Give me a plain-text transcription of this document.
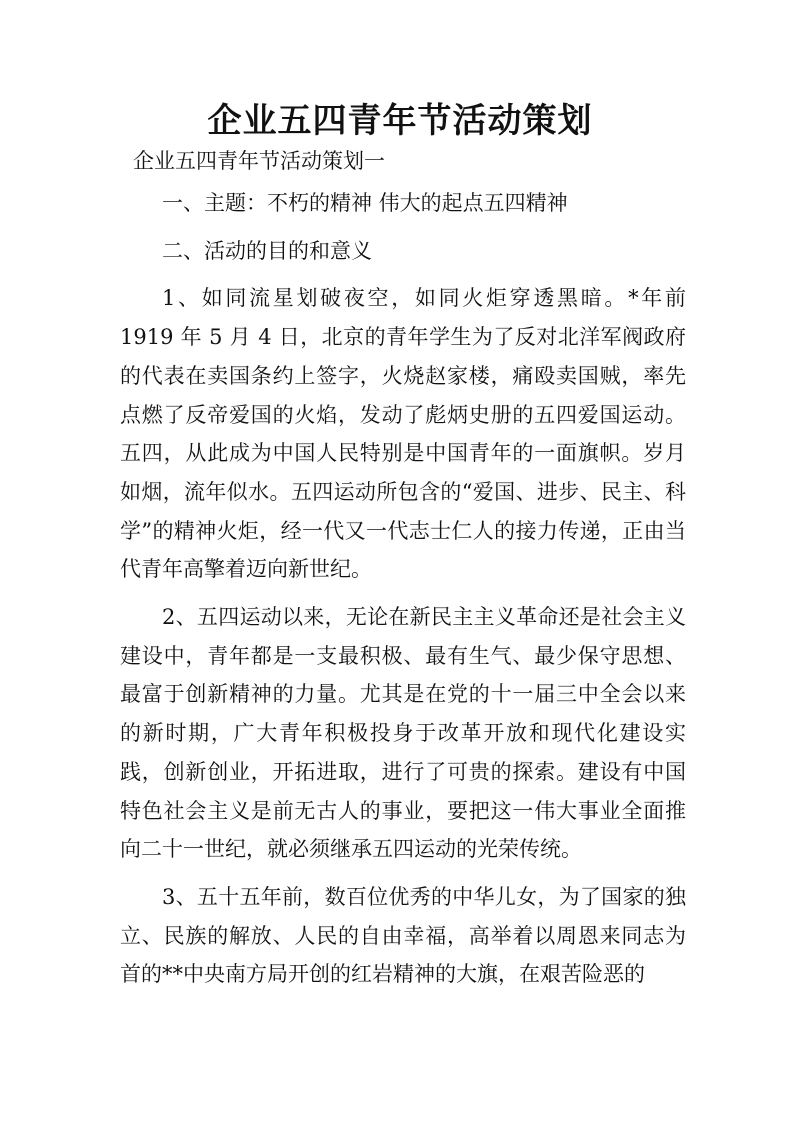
企业五四青年节活动策划

企业五四青年节活动策划一

一、主题：不朽的精神 伟大的起点五四精神

二、活动的目的和意义

1、如同流星划破夜空，如同火炬穿透黑暗。*年前 1919 年 5 月 4 日，北京的青年学生为了反对北洋军阀政府的代表在卖国条约上签字，火烧赵家楼，痛殴卖国贼，率先点燃了反帝爱国的火焰，发动了彪炳史册的五四爱国运动。五四，从此成为中国人民特别是中国青年的一面旗帜。岁月如烟，流年似水。五四运动所包含的“爱国、进步、民主、科学”的精神火炬，经一代又一代志士仁人的接力传递，正由当代青年高擎着迈向新世纪。

2、五四运动以来，无论在新民主主义革命还是社会主义建设中，青年都是一支最积极、最有生气、最少保守思想、最富于创新精神的力量。尤其是在党的十一届三中全会以来的新时期，广大青年积极投身于改革开放和现代化建设实践，创新创业，开拓进取，进行了可贵的探索。建设有中国特色社会主义是前无古人的事业，要把这一伟大事业全面推向二十一世纪，就必须继承五四运动的光荣传统。

3、五十五年前，数百位优秀的中华儿女，为了国家的独立、民族的解放、人民的自由幸福，高举着以周恩来同志为首的**中央南方局开创的红岩精神的大旗，在艰苦险恶的
